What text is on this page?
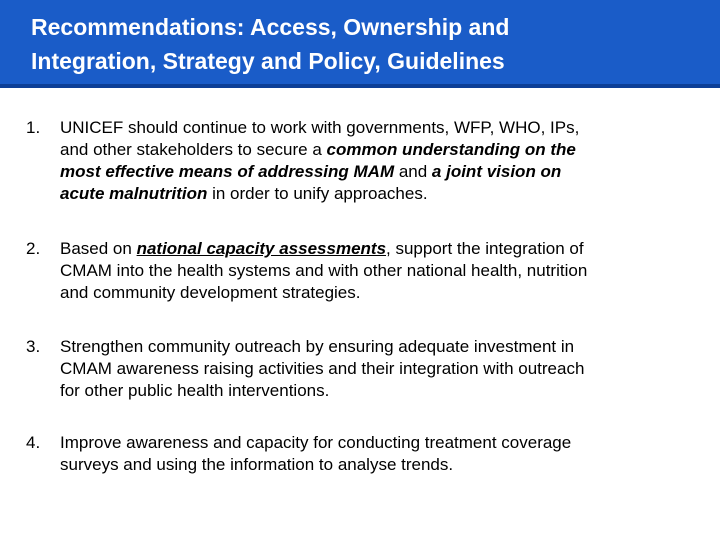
Recommendations: Access, Ownership and
Integration, Strategy and Policy, Guidelines
1. UNICEF should continue to work with governments, WFP, WHO, IPs,
and other stakeholders to secure a common understanding on the
most effective means of addressing MAM and a joint vision on
acute malnutrition in order to unify approaches.
2. Based on national capacity assessments, support the integration of
CMAM into the health systems and with other national health, nutrition
and community development strategies.
3. Strengthen community outreach by ensuring adequate investment in
CMAM awareness raising activities and their integration with outreach
for other public health interventions.
4. Improve awareness and capacity for conducting treatment coverage
surveys and using the information to analyse trends.
